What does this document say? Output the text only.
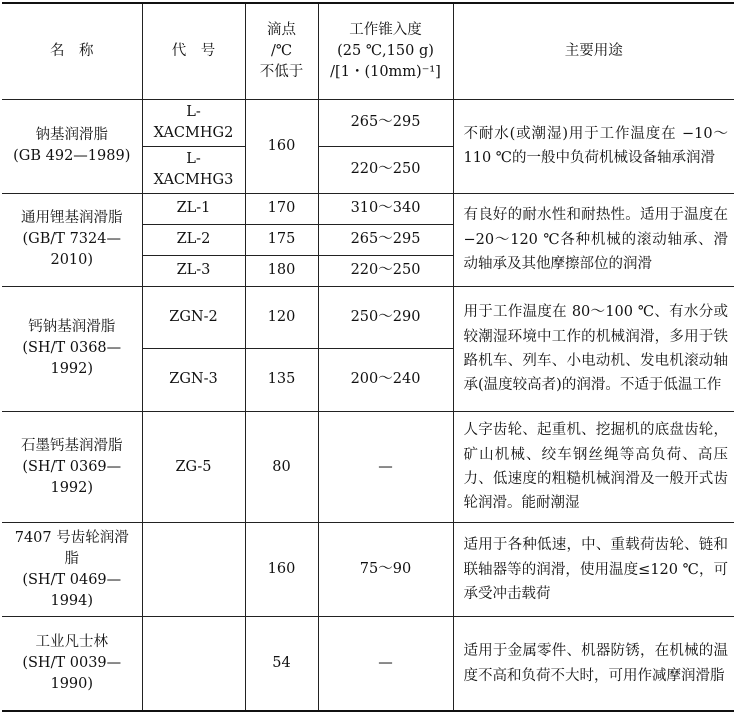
名　称	代　号	滴点
/℃
不低于	工作锥入度
(25 ℃,150 g)
/[1・(10mm)⁻¹]	主要用途

钠基润滑脂
(GB 492—1989)	L-XACMHG2	160	265～295	不耐水(或潮湿)用于工作温度在 −10～110 ℃的一般中负荷机械设备轴承润滑
	L-XACMHG3		220～250	

通用锂基润滑脂
(GB/T 7324—2010)	ZL-1	170	310～340	有良好的耐水性和耐热性。适用于温度在 −20～120 ℃各种机械的滚动轴承、滑动轴承及其他摩擦部位的润滑
	ZL-2	175	265～295	
	ZL-3	180	220～250	

钙钠基润滑脂
(SH/T 0368—1992)	ZGN-2	120	250～290	用于工作温度在 80～100 ℃、有水分或较潮湿环境中工作的机械润滑，多用于铁路机车、列车、小电动机、发电机滚动轴承(温度较高者)的润滑。不适于低温工作
	ZGN-3	135	200～240	

石墨钙基润滑脂
(SH/T 0369—1992)	ZG-5	80	—	人字齿轮、起重机、挖掘机的底盘齿轮，矿山机械、绞车钢丝绳等高负荷、高压力、低速度的粗糙机械润滑及一般开式齿轮润滑。能耐潮湿

7407 号齿轮润滑脂
(SH/T 0469—1994)		160	75～90	适用于各种低速，中、重载荷齿轮、链和联轴器等的润滑，使用温度≤120 ℃，可承受冲击载荷

工业凡士林
(SH/T 0039—1990)		54	—	适用于金属零件、机器防锈，在机械的温度不高和负荷不大时，可用作减摩润滑脂
